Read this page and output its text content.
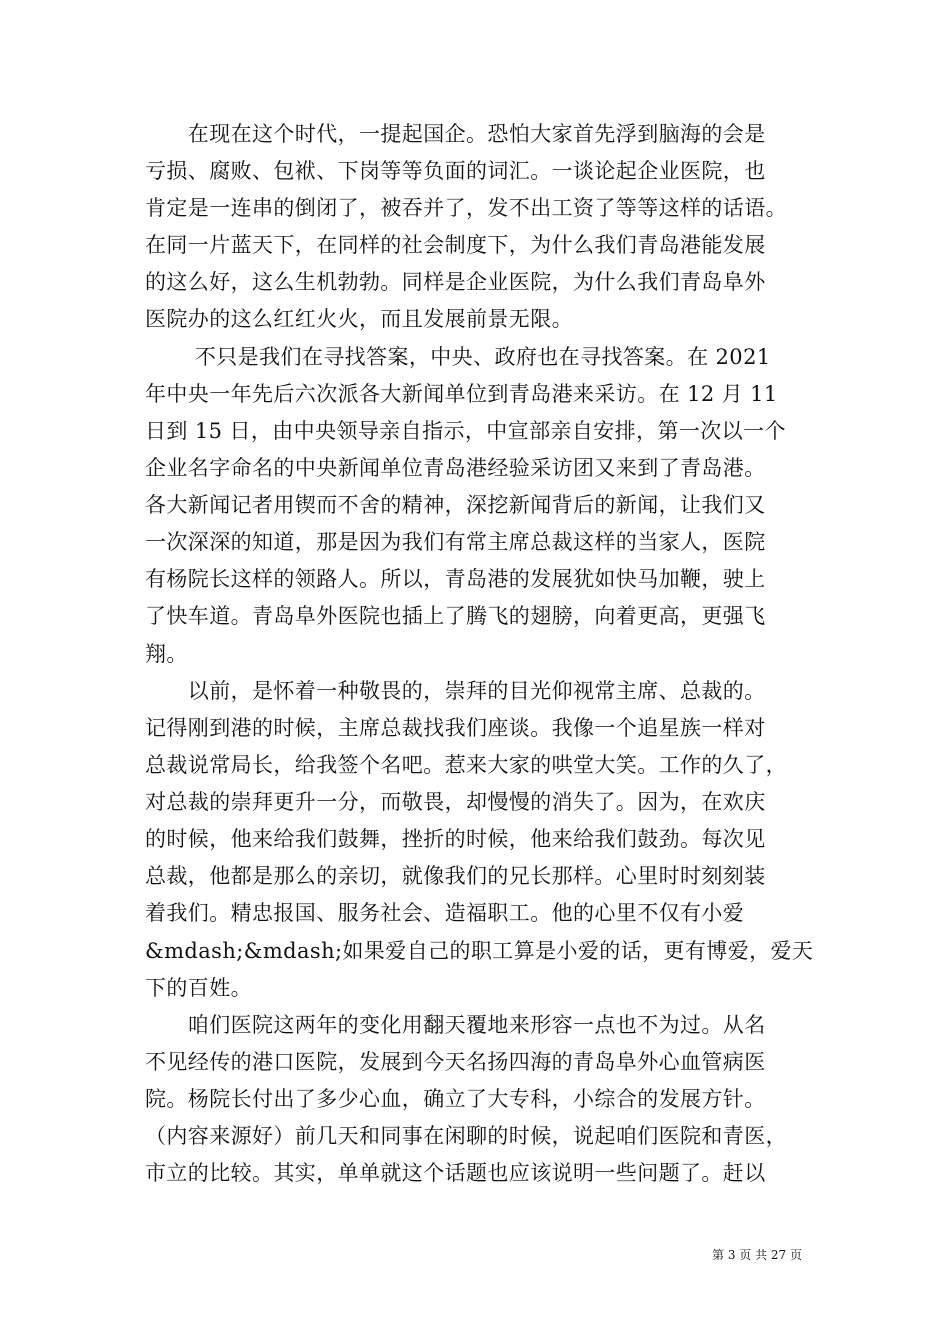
　　在现在这个时代，一提起国企。恐怕大家首先浮到脑海的会是
亏损、腐败、包袱、下岗等等负面的词汇。一谈论起企业医院，也
肯定是一连串的倒闭了，被吞并了，发不出工资了等等这样的话语。
在同一片蓝天下，在同样的社会制度下，为什么我们青岛港能发展
的这么好，这么生机勃勃。同样是企业医院，为什么我们青岛阜外
医院办的这么红红火火，而且发展前景无限。
　　 不只是我们在寻找答案，中央、政府也在寻找答案。在 2021
年中央一年先后六次派各大新闻单位到青岛港来采访。在 12 月 11
日到 15 日，由中央领导亲自指示，中宣部亲自安排，第一次以一个
企业名字命名的中央新闻单位青岛港经验采访团又来到了青岛港。
各大新闻记者用锲而不舍的精神，深挖新闻背后的新闻，让我们又
一次深深的知道，那是因为我们有常主席总裁这样的当家人，医院
有杨院长这样的领路人。所以，青岛港的发展犹如快马加鞭，驶上
了快车道。青岛阜外医院也插上了腾飞的翅膀，向着更高，更强飞
翔。
　　以前，是怀着一种敬畏的，崇拜的目光仰视常主席、总裁的。
记得刚到港的时候，主席总裁找我们座谈。我像一个追星族一样对
总裁说常局长，给我签个名吧。惹来大家的哄堂大笑。工作的久了，
对总裁的崇拜更升一分，而敬畏，却慢慢的消失了。因为，在欢庆
的时候，他来给我们鼓舞，挫折的时候，他来给我们鼓劲。每次见
总裁，他都是那么的亲切，就像我们的兄长那样。心里时时刻刻装
着我们。精忠报国、服务社会、造福职工。他的心里不仅有小爱
&mdash;&mdash;如果爱自己的职工算是小爱的话，更有博爱，爱天
下的百姓。
　　咱们医院这两年的变化用翻天覆地来形容一点也不为过。从名
不见经传的港口医院，发展到今天名扬四海的青岛阜外心血管病医
院。杨院长付出了多少心血，确立了大专科，小综合的发展方针。
（内容来源好）前几天和同事在闲聊的时候，说起咱们医院和青医，
市立的比较。其实，单单就这个话题也应该说明一些问题了。赶以
第 3 页 共 27 页
